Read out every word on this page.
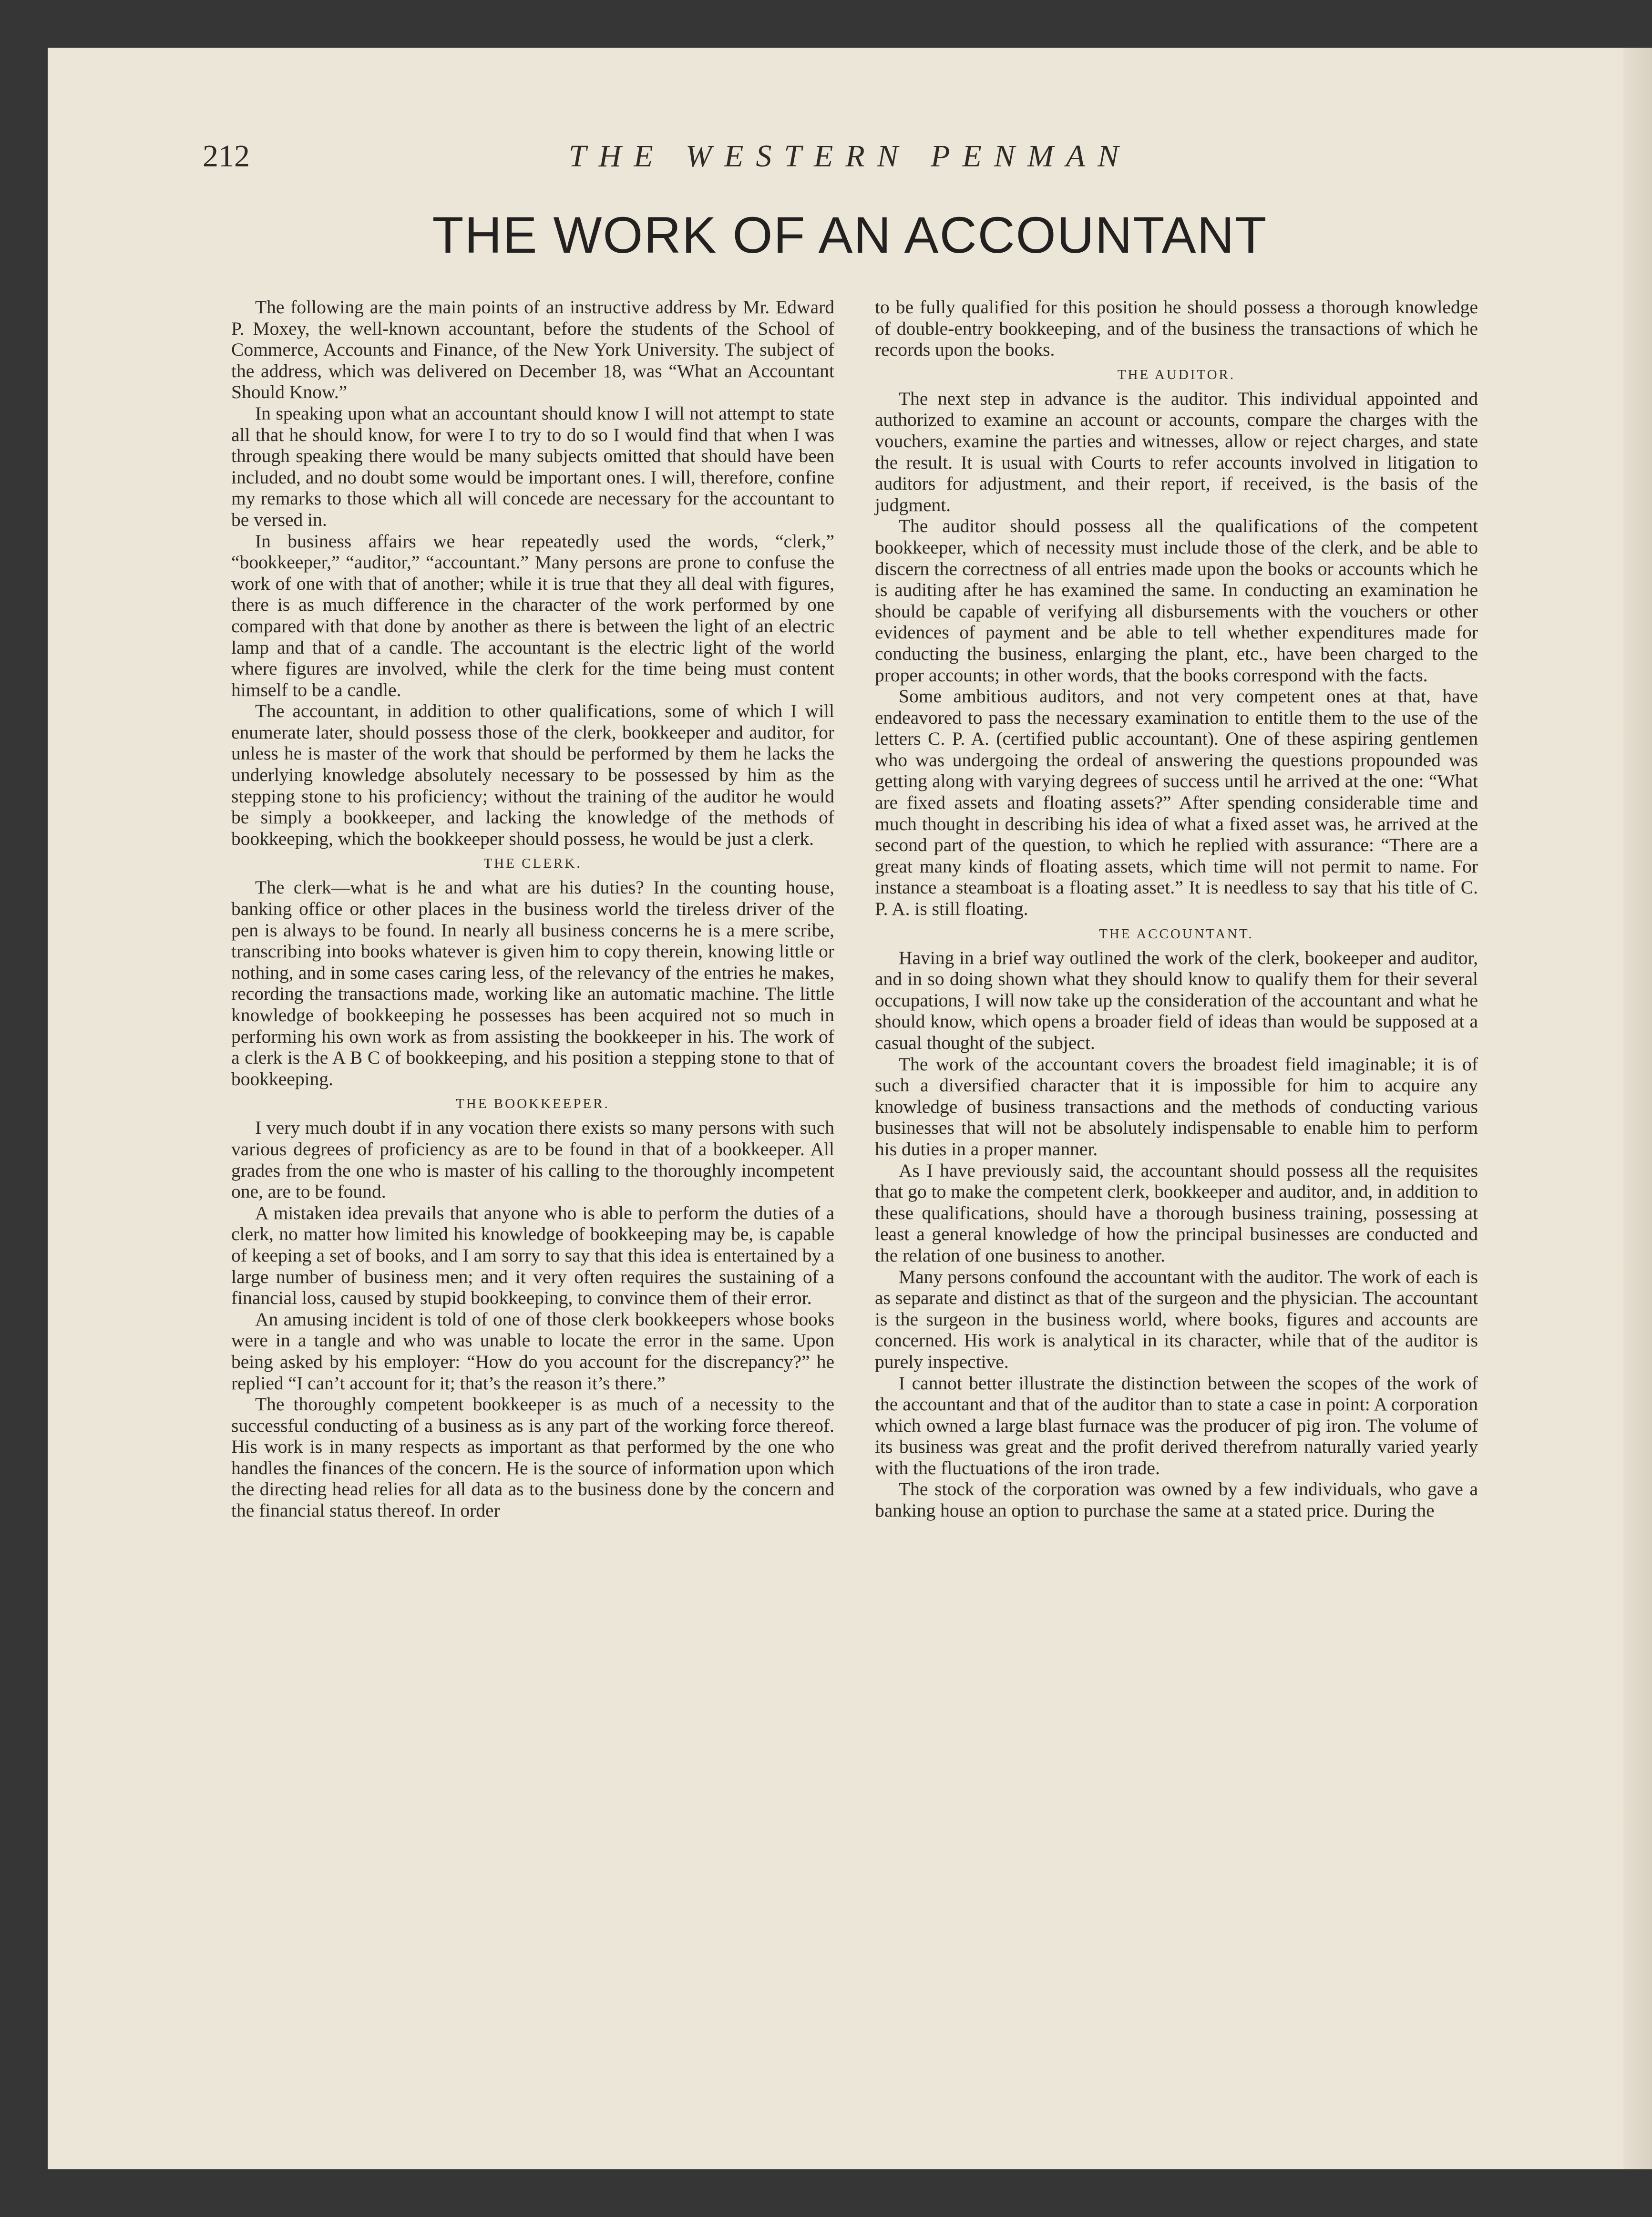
212	THE WESTERN PENMAN
THE WORK OF AN ACCOUNTANT

The following are the main points of an instructive address by Mr. Edward P. Moxey, the well-known accountant, before the students of the School of Commerce, Accounts and Finance, of the New York University. The subject of the address, which was delivered on December 18, was “What an Accountant Should Know.”

In speaking upon what an accountant should know I will not attempt to state all that he should know, for were I to try to do so I would find that when I was through speaking there would be many subjects omitted that should have been included, and no doubt some would be important ones. I will, therefore, confine my remarks to those which all will concede are necessary for the accountant to be versed in.

In business affairs we hear repeatedly used the words, “clerk,” “bookkeeper,” “auditor,” “accountant.” Many persons are prone to confuse the work of one with that of another; while it is true that they all deal with figures, there is as much difference in the character of the work performed by one compared with that done by another as there is between the light of an electric lamp and that of a candle. The accountant is the electric light of the world where figures are involved, while the clerk for the time being must content himself to be a candle.

The accountant, in addition to other qualifications, some of which I will enumerate later, should possess those of the clerk, bookkeeper and auditor, for unless he is master of the work that should be performed by them he lacks the underlying knowledge absolutely necessary to be possessed by him as the stepping stone to his proficiency; without the training of the auditor he would be simply a bookkeeper, and lacking the knowledge of the methods of bookkeeping, which the bookkeeper should possess, he would be just a clerk.

THE CLERK.

The clerk—what is he and what are his duties? In the counting house, banking office or other places in the business world the tireless driver of the pen is always to be found. In nearly all business concerns he is a mere scribe, transcribing into books whatever is given him to copy therein, knowing little or nothing, and in some cases caring less, of the relevancy of the entries he makes, recording the transactions made, working like an automatic machine. The little knowledge of bookkeeping he possesses has been acquired not so much in performing his own work as from assisting the bookkeeper in his. The work of a clerk is the A B C of bookkeeping, and his position a stepping stone to that of bookkeeping.

THE BOOKKEEPER.

I very much doubt if in any vocation there exists so many persons with such various degrees of proficiency as are to be found in that of a bookkeeper. All grades from the one who is master of his calling to the thoroughly incompetent one, are to be found.

A mistaken idea prevails that anyone who is able to perform the duties of a clerk, no matter how limited his knowledge of bookkeeping may be, is capable of keeping a set of books, and I am sorry to say that this idea is entertained by a large number of business men; and it very often requires the sustaining of a financial loss, caused by stupid bookkeeping, to convince them of their error.

An amusing incident is told of one of those clerk bookkeepers whose books were in a tangle and who was unable to locate the error in the same. Upon being asked by his employer: “How do you account for the discrepancy?” he replied “I can’t account for it; that’s the reason it’s there.”

The thoroughly competent bookkeeper is as much of a necessity to the successful conducting of a business as is any part of the working force thereof. His work is in many respects as important as that performed by the one who handles the finances of the concern. He is the source of information upon which the directing head relies for all data as to the business done by the concern and the financial status thereof. In order

to be fully qualified for this position he should possess a thorough knowledge of double-entry bookkeeping, and of the business the transactions of which he records upon the books.

THE AUDITOR.

The next step in advance is the auditor. This individual appointed and authorized to examine an account or accounts, compare the charges with the vouchers, examine the parties and witnesses, allow or reject charges, and state the result. It is usual with Courts to refer accounts involved in litigation to auditors for adjustment, and their report, if received, is the basis of the judgment.

The auditor should possess all the qualifications of the competent bookkeeper, which of necessity must include those of the clerk, and be able to discern the correctness of all entries made upon the books or accounts which he is auditing after he has examined the same. In conducting an examination he should be capable of verifying all disbursements with the vouchers or other evidences of payment and be able to tell whether expenditures made for conducting the business, enlarging the plant, etc., have been charged to the proper accounts; in other words, that the books correspond with the facts.

Some ambitious auditors, and not very competent ones at that, have endeavored to pass the necessary examination to entitle them to the use of the letters C. P. A. (certified public accountant). One of these aspiring gentlemen who was undergoing the ordeal of answering the questions propounded was getting along with varying degrees of success until he arrived at the one: “What are fixed assets and floating assets?” After spending considerable time and much thought in describing his idea of what a fixed asset was, he arrived at the second part of the question, to which he replied with assurance: “There are a great many kinds of floating assets, which time will not permit to name. For instance a steamboat is a floating asset.” It is needless to say that his title of C. P. A. is still floating.

THE ACCOUNTANT.

Having in a brief way outlined the work of the clerk, bookeeper and auditor, and in so doing shown what they should know to qualify them for their several occupations, I will now take up the consideration of the accountant and what he should know, which opens a broader field of ideas than would be supposed at a casual thought of the subject.

The work of the accountant covers the broadest field imaginable; it is of such a diversified character that it is impossible for him to acquire any knowledge of business transactions and the methods of conducting various businesses that will not be absolutely indispensable to enable him to perform his duties in a proper manner.

As I have previously said, the accountant should possess all the requisites that go to make the competent clerk, bookkeeper and auditor, and, in addition to these qualifications, should have a thorough business training, possessing at least a general knowledge of how the principal businesses are conducted and the relation of one business to another.

Many persons confound the accountant with the auditor. The work of each is as separate and distinct as that of the surgeon and the physician. The accountant is the surgeon in the business world, where books, figures and accounts are concerned. His work is analytical in its character, while that of the auditor is purely inspective.

I cannot better illustrate the distinction between the scopes of the work of the accountant and that of the auditor than to state a case in point: A corporation which owned a large blast furnace was the producer of pig iron. The volume of its business was great and the profit derived therefrom naturally varied yearly with the fluctuations of the iron trade.

The stock of the corporation was owned by a few individuals, who gave a banking house an option to purchase the same at a stated price. During the
